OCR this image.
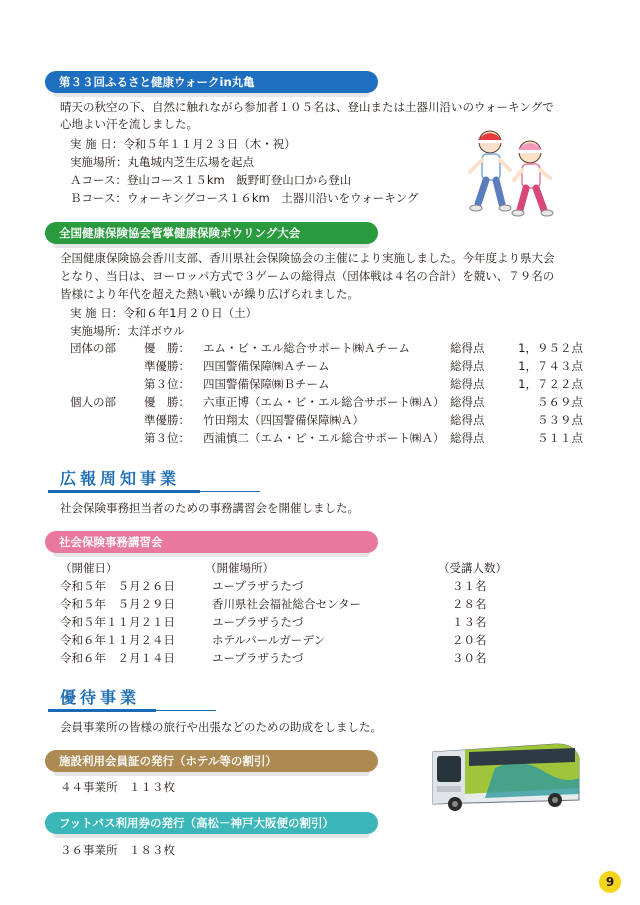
第３３回ふるさと健康ウォークin丸亀
晴天の秋空の下、自然に触れながら参加者１０５名は、登山または土器川沿いのウォーキングで
心地よい汗を流しました。
実 施 日：令和５年１１月２３日（木・祝）
実施場所：丸亀城内芝生広場を起点
Ａコース：登山コース１５km　飯野町登山口から登山
Ｂコース：ウォーキングコース１６km　土器川沿いをウォーキング
全国健康保険協会管掌健康保険ボウリング大会
全国健康保険協会香川支部、香川県社会保険協会の主催により実施しました。今年度より県大会
となり、当日は、ヨーロッパ方式で３ゲームの総得点（団体戦は４名の合計）を競い、７９名の
皆様により年代を超えた熱い戦いが繰り広げられました。
実 施 日：令和６年1月２０日（土）
実施場所：太洋ボウル
団体の部 優　勝： エム・ビ・エル総合サポート㈱Ａチーム	総得点	1，９５２点
準優勝： 四国警備保障㈱Ａチーム	総得点	1，７４３点
第３位： 四国警備保障㈱Ｂチーム	総得点	1，７２２点
個人の部 優　勝： 六車正博（エム・ビ・エル総合サポート㈱Ａ） 総得点	５６９点
準優勝： 竹田翔太（四国警備保障㈱Ａ）	総得点	５３９点
第３位： 西浦慎二（エム・ビ・エル総合サポート㈱Ａ） 総得点	５１１点
広報周知事業
社会保険事務担当者のための事務講習会を開催しました。
社会保険事務講習会
（開催日）	（開催場所）	（受講人数）
令和５年　５月２６日	ユープラザうたづ	３１名
令和５年　５月２９日	香川県社会福祉総合センター	２８名
令和５年１１月２１日	ユープラザうたづ	１３名
令和６年１１月２４日	ホテルパールガーデン	２０名
令和６年　２月１４日	ユープラザうたづ	３０名
優待事業
会員事業所の皆様の旅行や出張などのための助成をしました。
施設利用会員証の発行（ホテル等の割引）
４４事業所　１１３枚
フットバス利用券の発行（高松－神戸大阪便の割引）
３６事業所　１８３枚
9
